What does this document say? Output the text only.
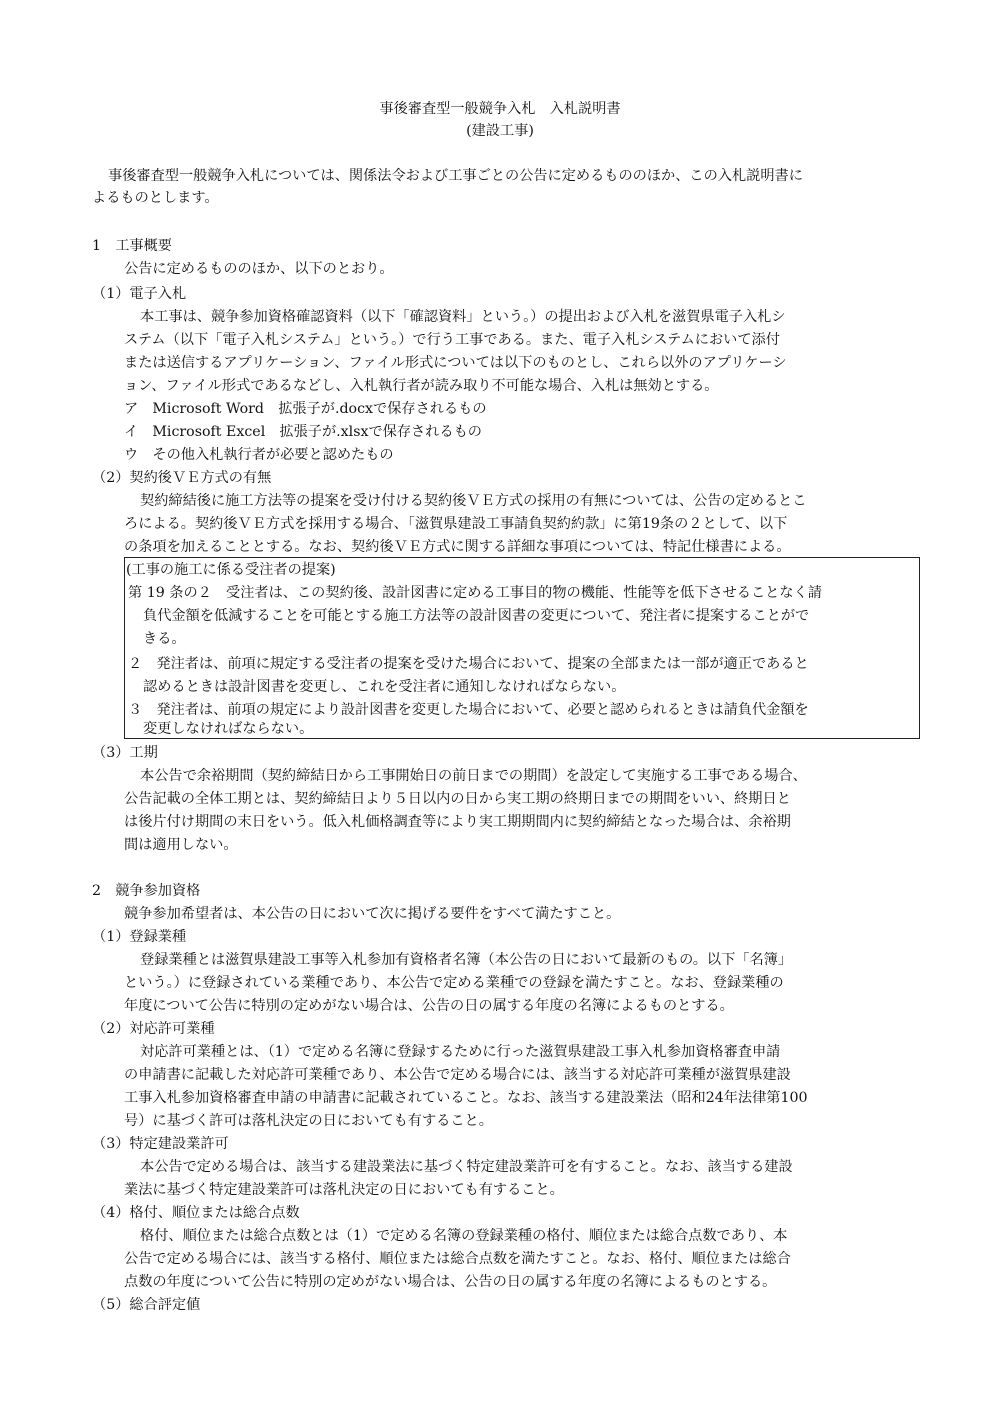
事後審査型一般競争入札　入札説明書
(建設工事)
事後審査型一般競争入札については、関係法令および工事ごとの公告に定めるもののほか、この入札説明書に
よるものとします。
1　工事概要
公告に定めるもののほか、以下のとおり。
（1）電子入札
本工事は、競争参加資格確認資料（以下「確認資料」という。）の提出および入札を滋賀県電子入札シ
ステム（以下「電子入札システム」という。）で行う工事である。また、電子入札システムにおいて添付
または送信するアプリケーション、ファイル形式については以下のものとし、これら以外のアプリケーシ
ョン、ファイル形式であるなどし、入札執行者が読み取り不可能な場合、入札は無効とする。
ア　Microsoft Word　拡張子が.docxで保存されるもの
イ　Microsoft Excel　拡張子が.xlsxで保存されるもの
ウ　その他入札執行者が必要と認めたもの
（2）契約後ＶＥ方式の有無
契約締結後に施工方法等の提案を受け付ける契約後ＶＥ方式の採用の有無については、公告の定めるとこ
ろによる。契約後ＶＥ方式を採用する場合、「滋賀県建設工事請負契約約款」に第19条の２として、以下
の条項を加えることとする。なお、契約後ＶＥ方式に関する詳細な事項については、特記仕様書による。
(工事の施工に係る受注者の提案)
第 19 条の２　受注者は、この契約後、設計図書に定める工事目的物の機能、性能等を低下させることなく請
負代金額を低減することを可能とする施工方法等の設計図書の変更について、発注者に提案することがで
きる。
２　発注者は、前項に規定する受注者の提案を受けた場合において、提案の全部または一部が適正であると
認めるときは設計図書を変更し、これを受注者に通知しなければならない。
３　発注者は、前項の規定により設計図書を変更した場合において、必要と認められるときは請負代金額を
変更しなければならない。
（3）工期
本公告で余裕期間（契約締結日から工事開始日の前日までの期間）を設定して実施する工事である場合、
公告記載の全体工期とは、契約締結日より５日以内の日から実工期の終期日までの期間をいい、終期日と
は後片付け期間の末日をいう。低入札価格調査等により実工期期間内に契約締結となった場合は、余裕期
間は適用しない。
2　競争参加資格
競争参加希望者は、本公告の日において次に掲げる要件をすべて満たすこと。
（1）登録業種
登録業種とは滋賀県建設工事等入札参加有資格者名簿（本公告の日において最新のもの。以下「名簿」
という。）に登録されている業種であり、本公告で定める業種での登録を満たすこと。なお、登録業種の
年度について公告に特別の定めがない場合は、公告の日の属する年度の名簿によるものとする。
（2）対応許可業種
対応許可業種とは、（1）で定める名簿に登録するために行った滋賀県建設工事入札参加資格審査申請
の申請書に記載した対応許可業種であり、本公告で定める場合には、該当する対応許可業種が滋賀県建設
工事入札参加資格審査申請の申請書に記載されていること。なお、該当する建設業法（昭和24年法律第100
号）に基づく許可は落札決定の日においても有すること。
（3）特定建設業許可
本公告で定める場合は、該当する建設業法に基づく特定建設業許可を有すること。なお、該当する建設
業法に基づく特定建設業許可は落札決定の日においても有すること。
（4）格付、順位または総合点数
格付、順位または総合点数とは（1）で定める名簿の登録業種の格付、順位または総合点数であり、本
公告で定める場合には、該当する格付、順位または総合点数を満たすこと。なお、格付、順位または総合
点数の年度について公告に特別の定めがない場合は、公告の日の属する年度の名簿によるものとする。
（5）総合評定値
